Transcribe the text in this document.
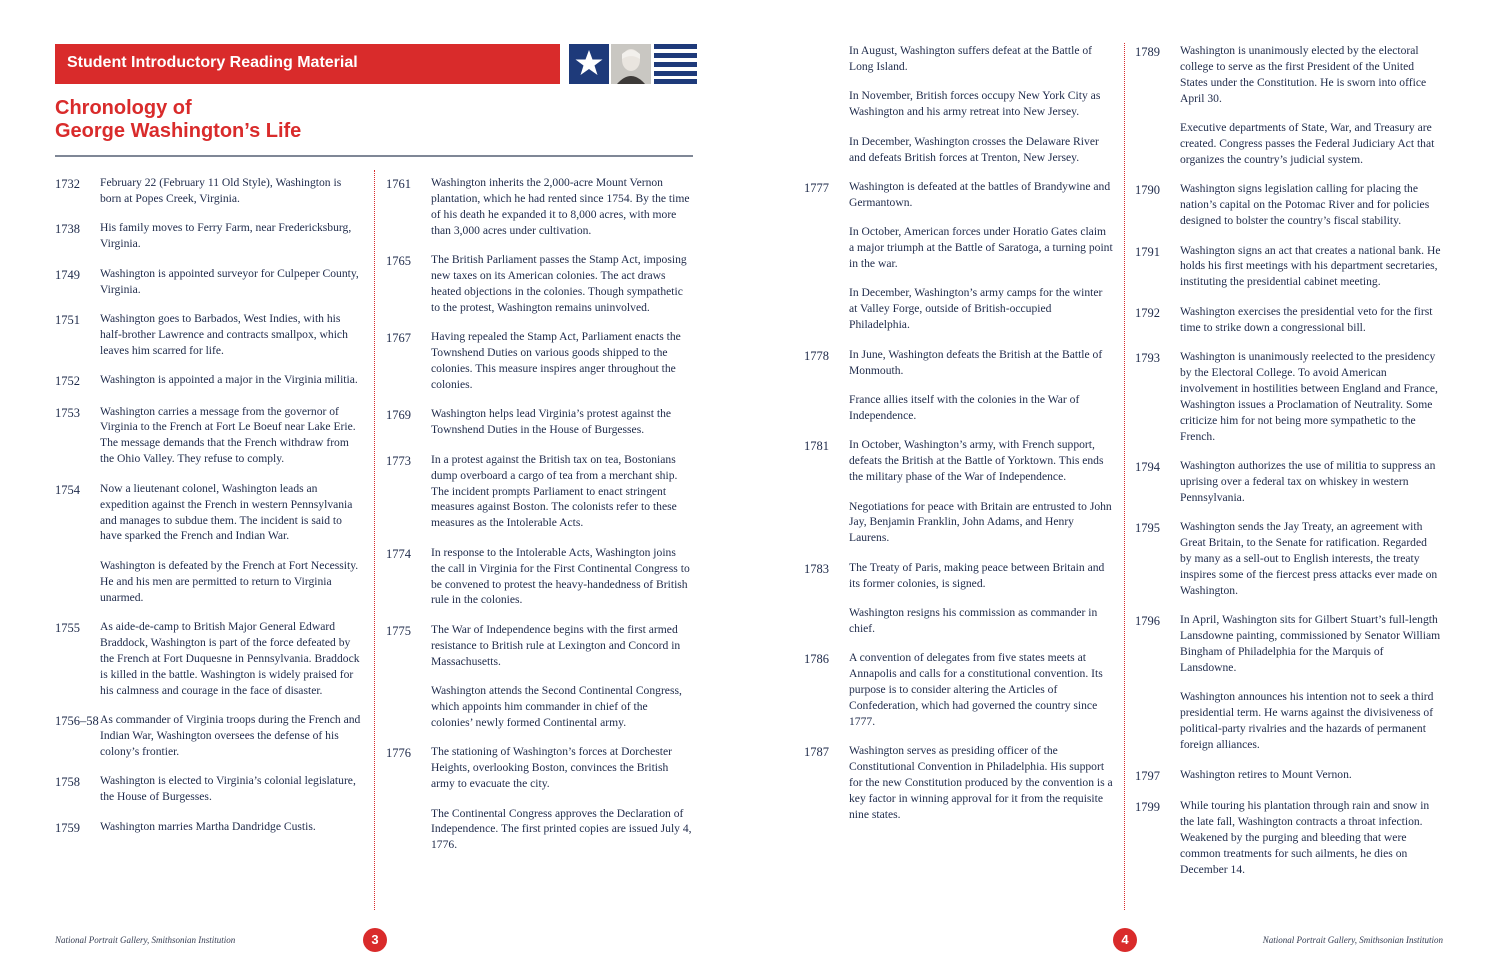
Student Introductory Reading Material
Chronology of
George Washington’s Life
1732	February 22 (February 11 Old Style), Washington is born at Popes Creek, Virginia.
1738	His family moves to Ferry Farm, near Fredericksburg, Virginia.
1749	Washington is appointed surveyor for Culpeper County, Virginia.
1751	Washington goes to Barbados, West Indies, with his half-brother Lawrence and contracts smallpox, which leaves him scarred for life.
1752	Washington is appointed a major in the Virginia militia.
1753	Washington carries a message from the governor of Virginia to the French at Fort Le Boeuf near Lake Erie. The message demands that the French withdraw from the Ohio Valley. They refuse to comply.
1754	Now a lieutenant colonel, Washington leads an expedition against the French in western Pennsylvania and manages to subdue them. The incident is said to have sparked the French and Indian War.
Washington is defeated by the French at Fort Necessity. He and his men are permitted to return to Virginia unarmed.
1755	As aide-de-camp to British Major General Edward Braddock, Washington is part of the force defeated by the French at Fort Duquesne in Pennsylvania. Braddock is killed in the battle. Washington is widely praised for his calmness and courage in the face of disaster.
1756–58 As commander of Virginia troops during the French and Indian War, Washington oversees the defense of his colony’s frontier.
1758	Washington is elected to Virginia’s colonial legislature, the House of Burgesses.
1759	Washington marries Martha Dandridge Custis.
1761	Washington inherits the 2,000-acre Mount Vernon plantation, which he had rented since 1754. By the time of his death he expanded it to 8,000 acres, with more than 3,000 acres under cultivation.
1765	The British Parliament passes the Stamp Act, imposing new taxes on its American colonies. The act draws heated objections in the colonies. Though sympathetic to the protest, Washington remains uninvolved.
1767	Having repealed the Stamp Act, Parliament enacts the Townshend Duties on various goods shipped to the colonies. This measure inspires anger throughout the colonies.
1769	Washington helps lead Virginia’s protest against the Townshend Duties in the House of Burgesses.
1773	In a protest against the British tax on tea, Bostonians dump overboard a cargo of tea from a merchant ship. The incident prompts Parliament to enact stringent measures against Boston. The colonists refer to these measures as the Intolerable Acts.
1774	In response to the Intolerable Acts, Washington joins the call in Virginia for the First Continental Congress to be convened to protest the heavy-handedness of British rule in the colonies.
1775	The War of Independence begins with the first armed resistance to British rule at Lexington and Concord in Massachusetts.
Washington attends the Second Continental Congress, which appoints him commander in chief of the colonies’ newly formed Continental army.
1776	The stationing of Washington’s forces at Dorchester Heights, overlooking Boston, convinces the British army to evacuate the city.
The Continental Congress approves the Declaration of Independence. The first printed copies are issued July 4, 1776.
In August, Washington suffers defeat at the Battle of Long Island.
In November, British forces occupy New York City as Washington and his army retreat into New Jersey.
In December, Washington crosses the Delaware River and defeats British forces at Trenton, New Jersey.
1777	Washington is defeated at the battles of Brandywine and Germantown.
In October, American forces under Horatio Gates claim a major triumph at the Battle of Saratoga, a turning point in the war.
In December, Washington’s army camps for the winter at Valley Forge, outside of British-occupied Philadelphia.
1778	In June, Washington defeats the British at the Battle of Monmouth.
France allies itself with the colonies in the War of Independence.
1781	In October, Washington’s army, with French support, defeats the British at the Battle of Yorktown. This ends the military phase of the War of Independence.
Negotiations for peace with Britain are entrusted to John Jay, Benjamin Franklin, John Adams, and Henry Laurens.
1783	The Treaty of Paris, making peace between Britain and its former colonies, is signed.
Washington resigns his commission as commander in chief.
1786	A convention of delegates from five states meets at Annapolis and calls for a constitutional convention. Its purpose is to consider altering the Articles of Confederation, which had governed the country since 1777.
1787	Washington serves as presiding officer of the Constitutional Convention in Philadelphia. His support for the new Constitution produced by the convention is a key factor in winning approval for it from the requisite nine states.
1789	Washington is unanimously elected by the electoral college to serve as the first President of the United States under the Constitution. He is sworn into office April 30.
Executive departments of State, War, and Treasury are created. Congress passes the Federal Judiciary Act that organizes the country’s judicial system.
1790	Washington signs legislation calling for placing the nation’s capital on the Potomac River and for policies designed to bolster the country’s fiscal stability.
1791	Washington signs an act that creates a national bank. He holds his first meetings with his department secretaries, instituting the presidential cabinet meeting.
1792	Washington exercises the presidential veto for the first time to strike down a congressional bill.
1793	Washington is unanimously reelected to the presidency by the Electoral College. To avoid American involvement in hostilities between England and France, Washington issues a Proclamation of Neutrality. Some criticize him for not being more sympathetic to the French.
1794	Washington authorizes the use of militia to suppress an uprising over a federal tax on whiskey in western Pennsylvania.
1795	Washington sends the Jay Treaty, an agreement with Great Britain, to the Senate for ratification. Regarded by many as a sell-out to English interests, the treaty inspires some of the fiercest press attacks ever made on Washington.
1796	In April, Washington sits for Gilbert Stuart’s full-length Lansdowne painting, commissioned by Senator William Bingham of Philadelphia for the Marquis of Lansdowne.
Washington announces his intention not to seek a third presidential term. He warns against the divisiveness of political-party rivalries and the hazards of permanent foreign alliances.
1797	Washington retires to Mount Vernon.
1799	While touring his plantation through rain and snow in the late fall, Washington contracts a throat infection. Weakened by the purging and bleeding that were common treatments for such ailments, he dies on December 14.
National Portrait Gallery, Smithsonian Institution	3	4	National Portrait Gallery, Smithsonian Institution
